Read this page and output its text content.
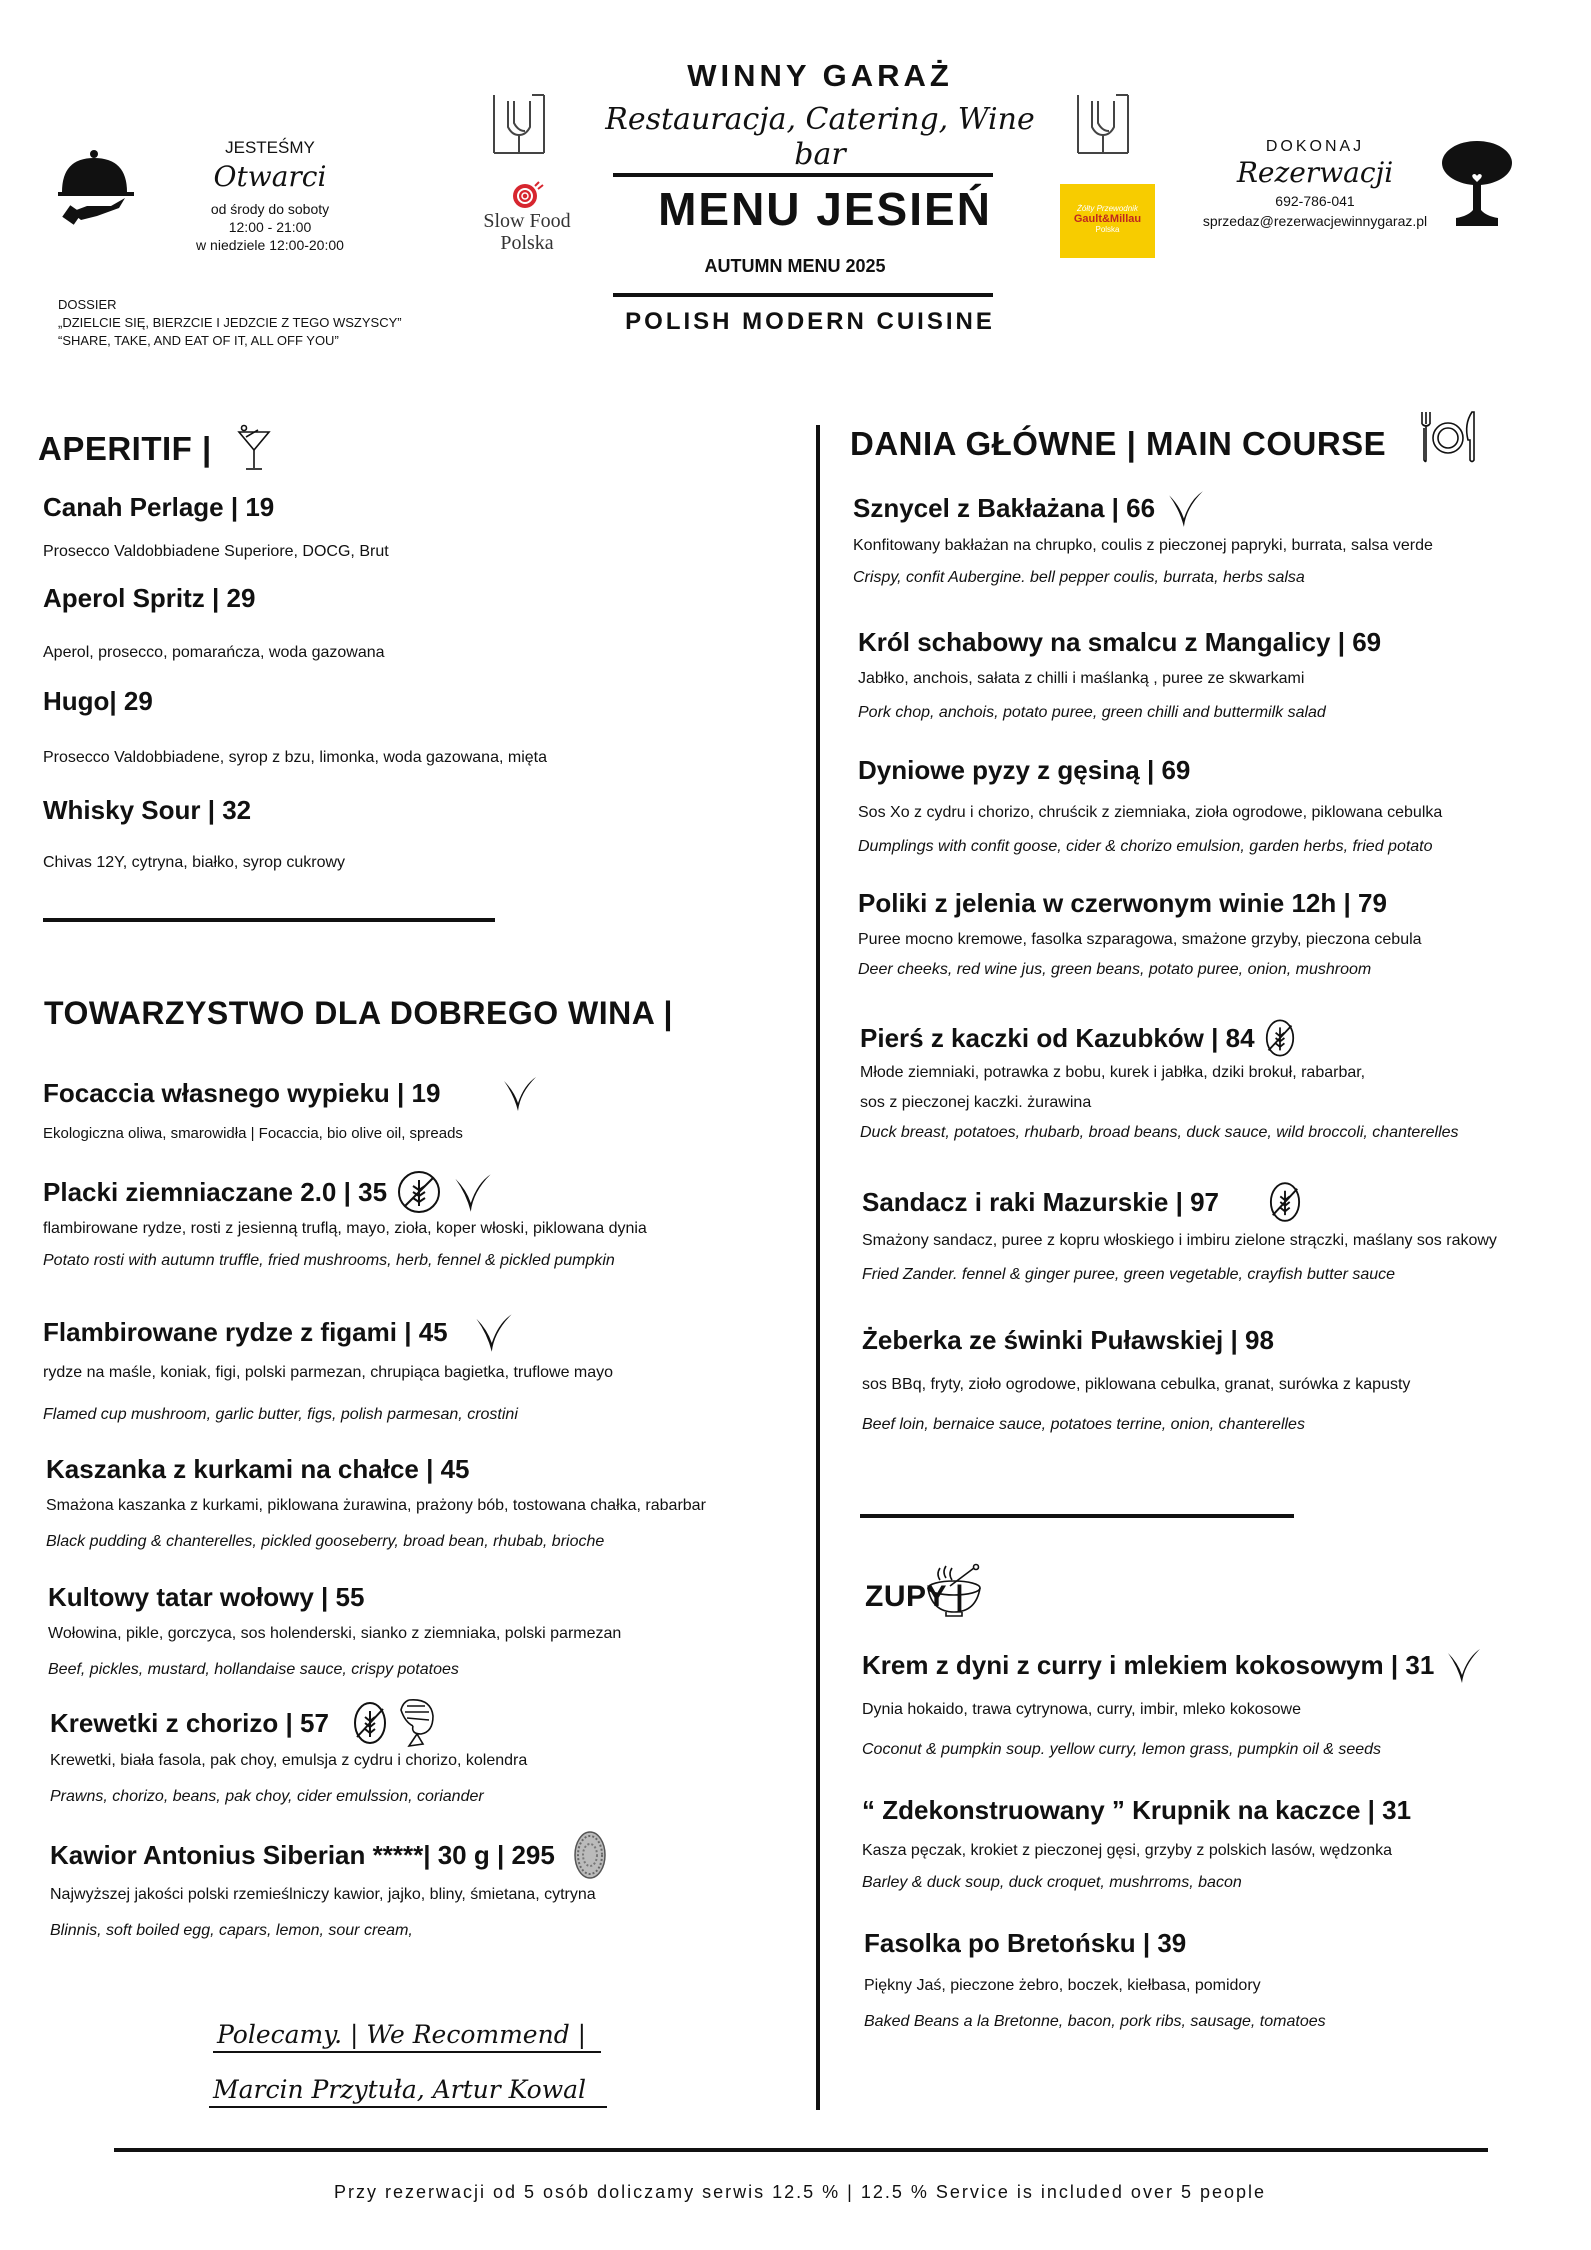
JESTEŚMY
Otwarci
od środy do soboty
12:00 - 21:00
w niedziele 12:00-20:00
DOSSIER
„DZIELCIE SIĘ, BIERZCIE I JEDZCIE Z TEGO WSZYSCY”
“SHARE, TAKE, AND EAT OF IT, ALL OFF YOU”
Slow Food
Polska
WINNY GARAŻ
Restauracja, Catering, Wine bar
MENU JESIEŃ
AUTUMN MENU 2025
POLISH MODERN CUISINE
Żółty Przewodnik
Gault&Millau
Polska
DOKONAJ
Rezerwacji
692-786-041
sprzedaz@rezerwacjewinnygaraz.pl
APERITIF |
Canah Perlage | 19
Prosecco Valdobbiadene Superiore, DOCG, Brut
Aperol Spritz | 29
Aperol, prosecco, pomarańcza, woda gazowana
Hugo| 29
Prosecco Valdobbiadene, syrop z bzu, limonka, woda gazowana, mięta
Whisky Sour | 32
Chivas 12Y, cytryna, białko, syrop cukrowy
TOWARZYSTWO DLA DOBREGO WINA |
Focaccia własnego wypieku | 19
Ekologiczna oliwa, smarowidła | Focaccia, bio olive oil, spreads
Placki ziemniaczane 2.0 | 35
flambirowane rydze, rosti z jesienną truflą, mayo, zioła, koper włoski, piklowana dynia
Potato rosti with autumn truffle, fried mushrooms, herb, fennel & pickled pumpkin
Flambirowane rydze z figami | 45
rydze na maśle, koniak, figi, polski parmezan, chrupiąca bagietka, truflowe mayo
Flamed cup mushroom, garlic butter, figs, polish parmesan, crostini
Kaszanka z kurkami na chałce | 45
Smażona kaszanka z kurkami, piklowana żurawina, prażony bób, tostowana chałka, rabarbar
Black pudding & chanterelles, pickled gooseberry, broad bean, rhubab, brioche
Kultowy tatar wołowy | 55
Wołowina, pikle, gorczyca, sos holenderski, sianko z ziemniaka, polski parmezan
Beef, pickles, mustard, hollandaise sauce, crispy potatoes
Krewetki z chorizo | 57
Krewetki, biała fasola, pak choy, emulsja z cydru i chorizo, kolendra
Prawns, chorizo, beans, pak choy, cider emulssion, coriander
Kawior Antonius Siberian *****| 30 g | 295
Najwyższej jakości polski rzemieślniczy kawior, jajko, bliny, śmietana, cytryna
Blinnis, soft boiled egg, capars, lemon, sour cream,
Polecamy. | We Recommend |
Marcin Przytuła, Artur Kowal
DANIA GŁÓWNE | MAIN COURSE
Sznycel z Bakłażana | 66
Konfitowany bakłażan na chrupko, coulis z pieczonej papryki, burrata, salsa verde
Crispy, confit Aubergine. bell pepper coulis, burrata, herbs salsa
Król schabowy na smalcu z Mangalicy | 69
Jabłko, anchois, sałata z chilli i maślanką , puree ze skwarkami
Pork chop, anchois, potato puree, green chilli and buttermilk salad
Dyniowe pyzy z gęsiną | 69
Sos Xo z cydru i chorizo, chruścik z ziemniaka, zioła ogrodowe, piklowana cebulka
Dumplings with confit goose, cider & chorizo emulsion, garden herbs, fried potato
Poliki z jelenia w czerwonym winie 12h | 79
Puree mocno kremowe, fasolka szparagowa, smażone grzyby, pieczona cebula
Deer cheeks, red wine jus, green beans, potato puree, onion, mushroom
Pierś z kaczki od Kazubków | 84
Młode ziemniaki, potrawka z bobu, kurek i jabłka, dziki brokuł, rabarbar,
sos z pieczonej kaczki. żurawina
Duck breast, potatoes, rhubarb, broad beans, duck sauce, wild broccoli, chanterelles
Sandacz i raki Mazurskie | 97
Smażony sandacz, puree z kopru włoskiego i imbiru zielone strączki, maślany sos rakowy
Fried Zander. fennel & ginger puree, green vegetable, crayfish butter sauce
Żeberka ze świnki Puławskiej | 98
sos BBq, fryty, zioło ogrodowe, piklowana cebulka, granat, surówka z kapusty
Beef loin, bernaice sauce, potatoes terrine, onion, chanterelles
ZUPY |
Krem z dyni z curry i mlekiem kokosowym | 31
Dynia hokaido, trawa cytrynowa, curry, imbir, mleko kokosowe
Coconut & pumpkin soup. yellow curry, lemon grass, pumpkin oil & seeds
“ Zdekonstruowany ” Krupnik na kaczce | 31
Kasza pęczak, krokiet z pieczonej gęsi, grzyby z polskich lasów, wędzonka
Barley & duck soup, duck croquet, mushrroms, bacon
Fasolka po Bretońsku | 39
Piękny Jaś, pieczone żebro, boczek, kiełbasa, pomidory
Baked Beans a la Bretonne, bacon, pork ribs, sausage, tomatoes
Przy rezerwacji od 5 osób doliczamy serwis 12.5 % | 12.5 % Service is included over 5 people
